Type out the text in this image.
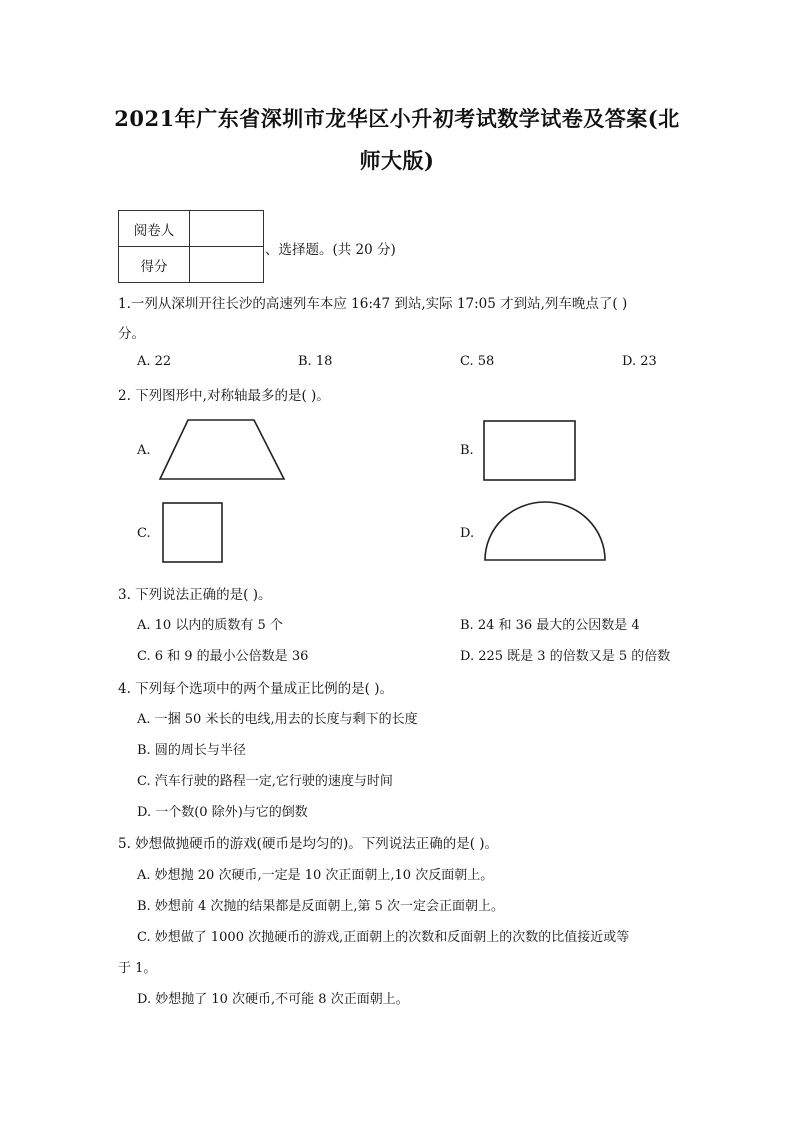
2021年广东省深圳市龙华区小升初考试数学试卷及答案(北
师大版)
阅卷人	
得分	
、选择题。(共 20 分)
1.一列从深圳开往长沙的高速列车本应 16:47 到站,实际 17:05 才到站,列车晚点了( )
分。
A. 22	B. 18	C. 58	D. 23
2. 下列图形中,对称轴最多的是( )。
A.	B.
C.	D.
3. 下列说法正确的是( )。
A. 10 以内的质数有 5 个	B. 24 和 36 最大的公因数是 4
C. 6 和 9 的最小公倍数是 36	D. 225 既是 3 的倍数又是 5 的倍数
4. 下列每个选项中的两个量成正比例的是( )。
A. 一捆 50 米长的电线,用去的长度与剩下的长度
B. 圆的周长与半径
C. 汽车行驶的路程一定,它行驶的速度与时间
D. 一个数(0 除外)与它的倒数
5. 妙想做抛硬币的游戏(硬币是均匀的)。下列说法正确的是( )。
A. 妙想抛 20 次硬币,一定是 10 次正面朝上,10 次反面朝上。
B. 妙想前 4 次抛的结果都是反面朝上,第 5 次一定会正面朝上。
C. 妙想做了 1000 次抛硬币的游戏,正面朝上的次数和反面朝上的次数的比值接近或等
于 1。
D. 妙想抛了 10 次硬币,不可能 8 次正面朝上。
